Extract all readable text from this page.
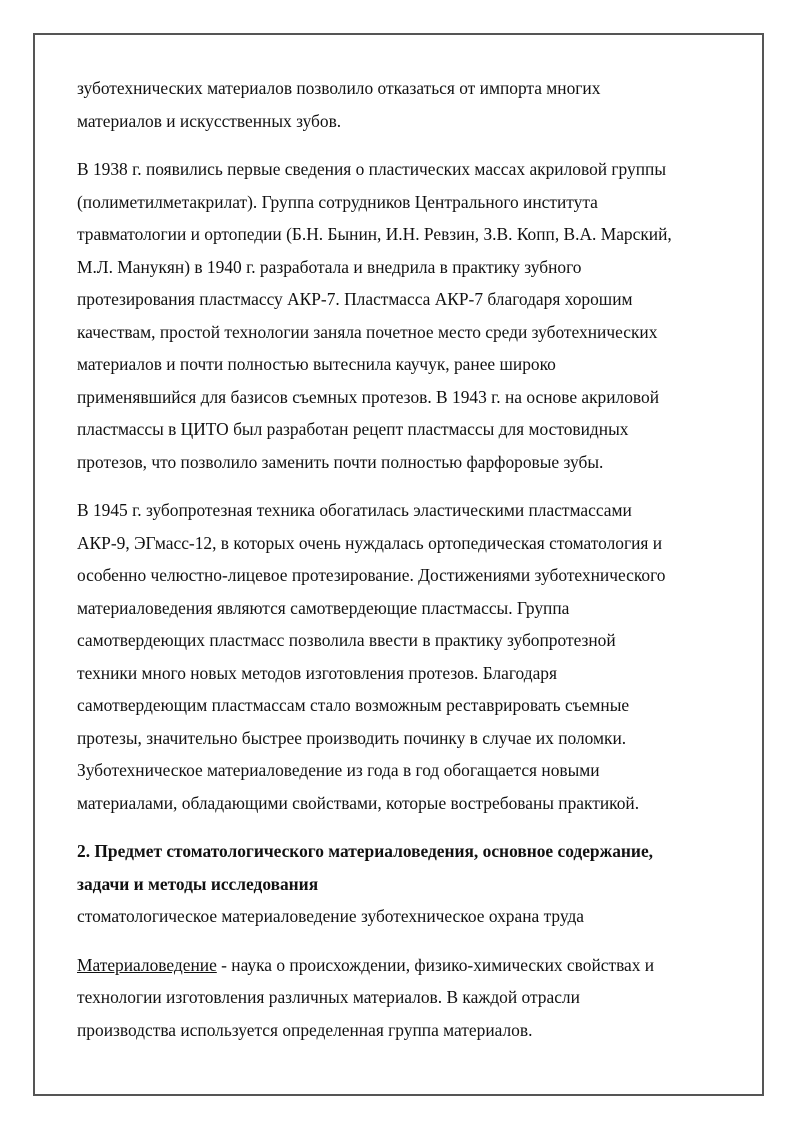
зуботехнических материалов позволило отказаться от импорта многих
материалов и искусственных зубов.

В 1938 г. появились первые сведения о пластических массах акриловой группы
(полиметилметакрилат). Группа сотрудников Центрального института
травматологии и ортопедии (Б.Н. Бынин, И.Н. Ревзин, З.В. Копп, В.А. Марский,
М.Л. Манукян) в 1940 г. разработала и внедрила в практику зубного
протезирования пластмассу АКР-7. Пластмасса АКР-7 благодаря хорошим
качествам, простой технологии заняла почетное место среди зуботехнических
материалов и почти полностью вытеснила каучук, ранее широко
применявшийся для базисов съемных протезов. В 1943 г. на основе акриловой
пластмассы в ЦИТО был разработан рецепт пластмассы для мостовидных
протезов, что позволило заменить почти полностью фарфоровые зубы.

В 1945 г. зубопротезная техника обогатилась эластическими пластмассами
АКР-9, ЭГмасс-12, в которых очень нуждалась ортопедическая стоматология и
особенно челюстно-лицевое протезирование. Достижениями зуботехнического
материаловедения являются самотвердеющие пластмассы. Группа
самотвердеющих пластмасс позволила ввести в практику зубопротезной
техники много новых методов изготовления протезов. Благодаря
самотвердеющим пластмассам стало возможным реставрировать съемные
протезы, значительно быстрее производить починку в случае их поломки.
Зуботехническое материаловедение из года в год обогащается новыми
материалами, обладающими свойствами, которые востребованы практикой.

2. Предмет стоматологического материаловедения, основное содержание,
задачи и методы исследования

стоматологическое материаловедение зуботехническое охрана труда

Материаловедение - наука о происхождении, физико-химических свойствах и
технологии изготовления различных материалов. В каждой отрасли
производства используется определенная группа материалов.
